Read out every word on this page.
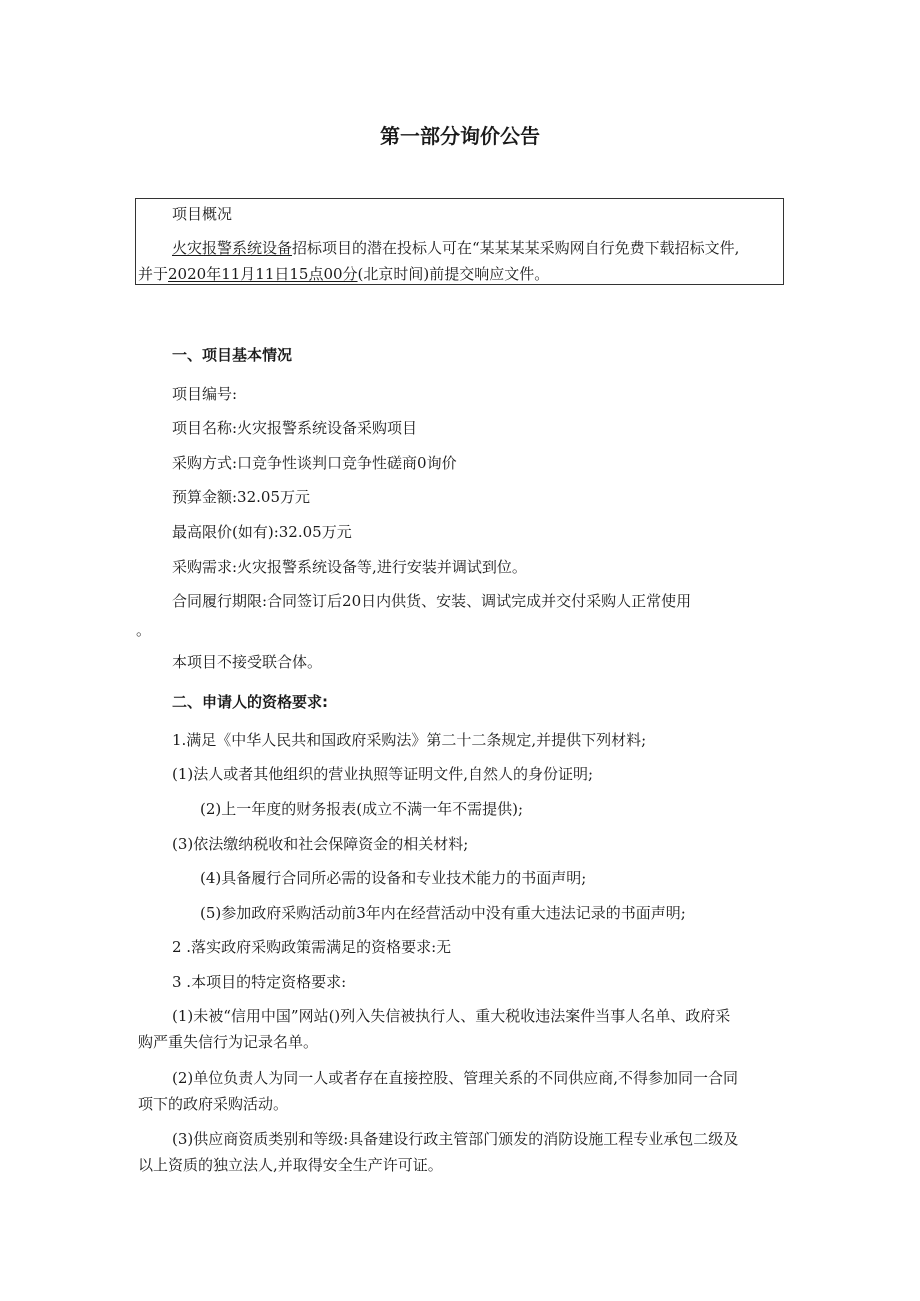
第一部分询价公告
项目概况
火灾报警系统设备招标项目的潜在投标人可在“某某某某采购网自行免费下载招标文件,
并于2020年11月11日15点00分(北京时间)前提交响应文件。
一、项目基本情况
项目编号:
项目名称:火灾报警系统设备采购项目
采购方式:口竞争性谈判口竞争性磋商0询价
预算金额:32.05万元
最高限价(如有):32.05万元
采购需求:火灾报警系统设备等,进行安装并调试到位。
合同履行期限:合同签订后20日内供货、安装、调试完成并交付采购人正常使用
。
本项目不接受联合体。
二、申请人的资格要求:
1.满足《中华人民共和国政府采购法》第二十二条规定,并提供下列材料;
(1)法人或者其他组织的营业执照等证明文件,自然人的身份证明;
(2)上一年度的财务报表(成立不满一年不需提供);
(3)依法缴纳税收和社会保障资金的相关材料;
(4)具备履行合同所必需的设备和专业技术能力的书面声明;
(5)参加政府采购活动前3年内在经营活动中没有重大违法记录的书面声明;
2 .落实政府采购政策需满足的资格要求:无
3 .本项目的特定资格要求:
(1)未被“信用中国”网站()列入失信被执行人、重大税收违法案件当事人名单、政府采
购严重失信行为记录名单。
(2)单位负责人为同一人或者存在直接控股、管理关系的不同供应商,不得参加同一合同
项下的政府采购活动。
(3)供应商资质类别和等级:具备建设行政主管部门颁发的消防设施工程专业承包二级及
以上资质的独立法人,并取得安全生产许可证。
